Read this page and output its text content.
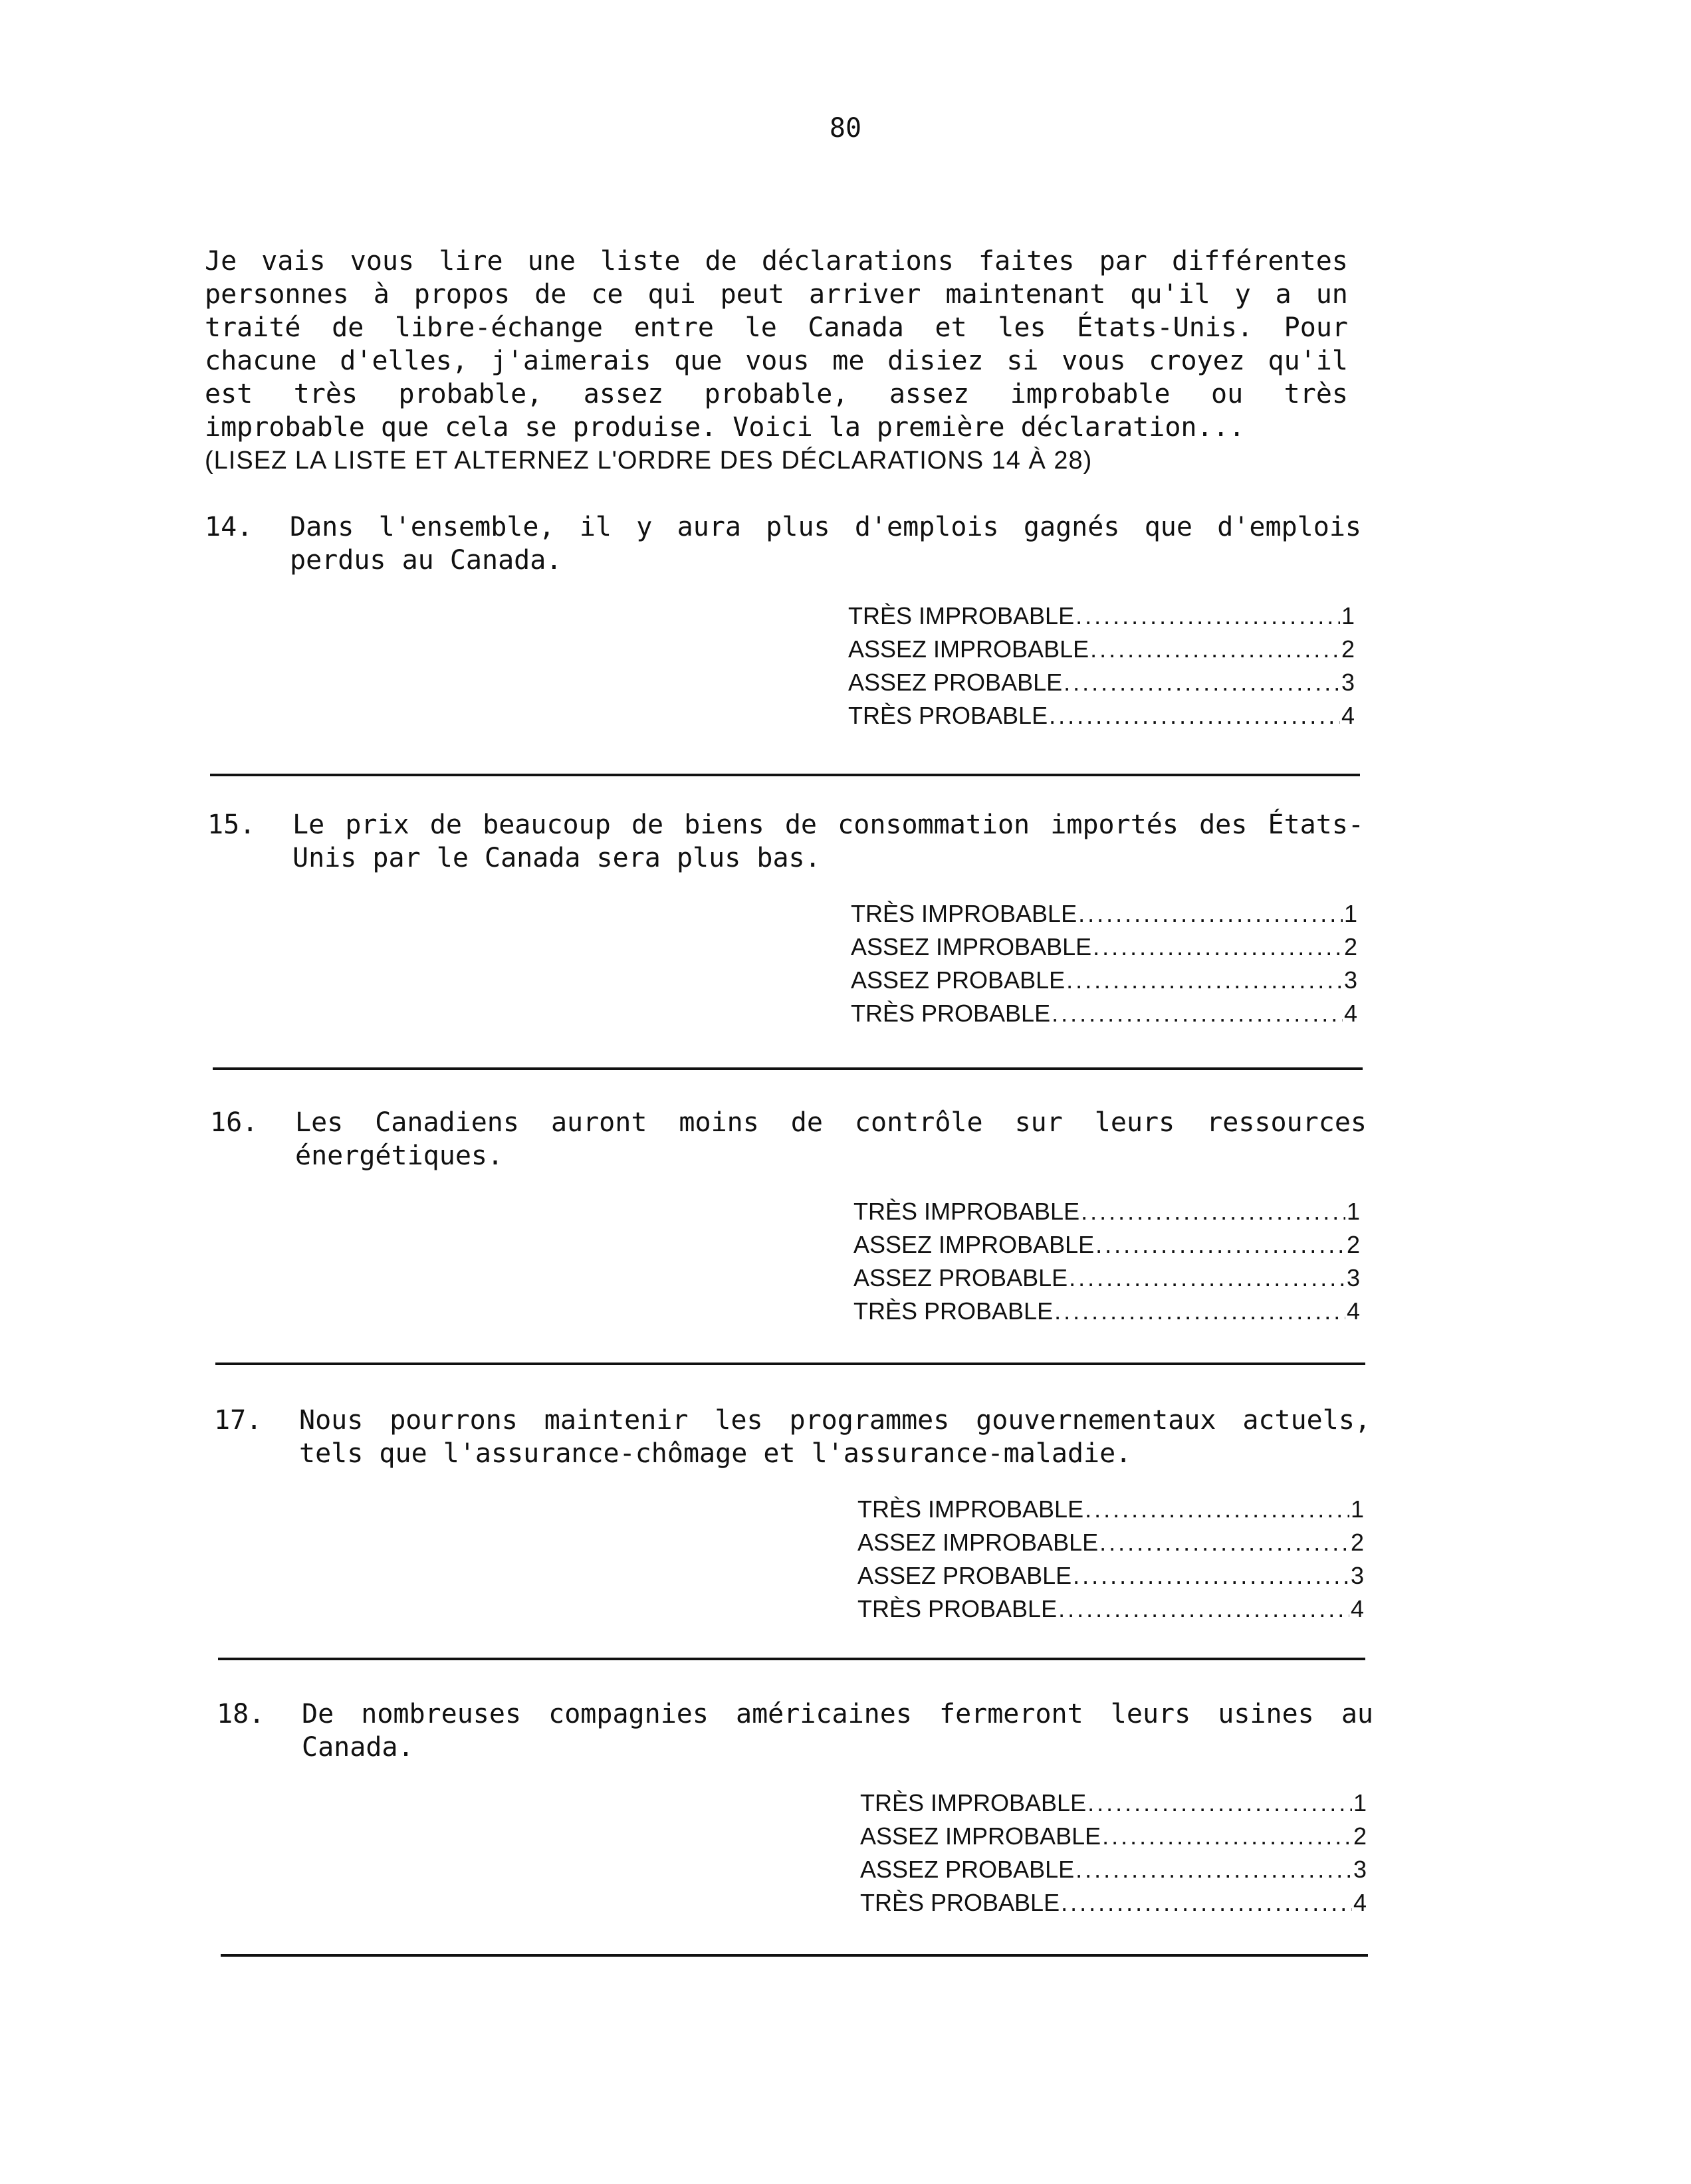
80
Je vais vous lire une liste de déclarations faites par différentes
personnes à propos de ce qui peut arriver maintenant qu'il y a un
traité de libre-échange entre le Canada et les États-Unis. Pour
chacune d'elles, j'aimerais que vous me disiez si vous croyez qu'il
est très probable, assez probable, assez improbable ou très
improbable que cela se produise. Voici la première déclaration...
(LISEZ LA LISTE ET ALTERNEZ L'ORDRE DES DÉCLARATIONS 14 À 28)
14.	Dans l'ensemble, il y aura plus d'emplois gagnés que d'emplois perdus au Canada.
TRÈS IMPROBABLE . . .	1
ASSEZ IMPROBABLE . . .	2
ASSEZ PROBABLE . . .	3
TRÈS PROBABLE . . .	4
15.	Le prix de beaucoup de biens de consommation importés des États-Unis par le Canada sera plus bas.
TRÈS IMPROBABLE . . .	1
ASSEZ IMPROBABLE . . .	2
ASSEZ PROBABLE . . .	3
TRÈS PROBABLE . . .	4
16.	Les Canadiens auront moins de contrôle sur leurs ressources énergétiques.
TRÈS IMPROBABLE . . .	1
ASSEZ IMPROBABLE . . .	2
ASSEZ PROBABLE . . .	3
TRÈS PROBABLE . . .	4
17.	Nous pourrons maintenir les programmes gouvernementaux actuels, tels que l'assurance-chômage et l'assurance-maladie.
TRÈS IMPROBABLE . . .	1
ASSEZ IMPROBABLE . . .	2
ASSEZ PROBABLE . . .	3
TRÈS PROBABLE . . .	4
18.	De nombreuses compagnies américaines fermeront leurs usines au Canada.
TRÈS IMPROBABLE . . .	1
ASSEZ IMPROBABLE . . .	2
ASSEZ PROBABLE . . .	3
TRÈS PROBABLE . . .	4
